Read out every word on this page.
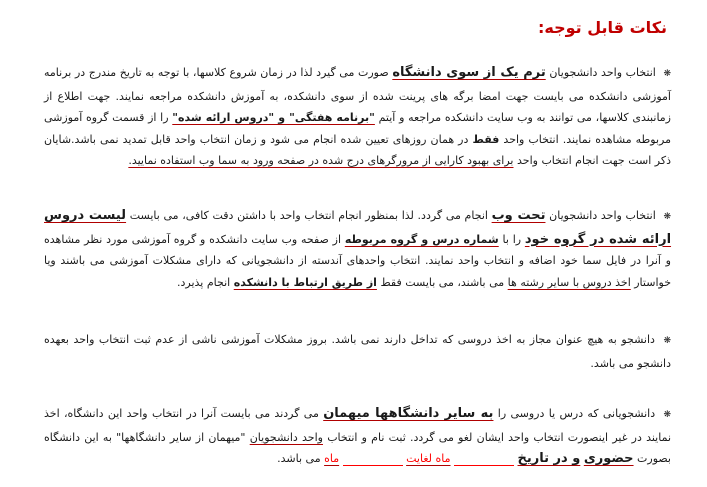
نکات قابل توجه:

❋ انتخاب واحد دانشجویان ترم یک از سوی دانشگاه صورت می گیرد لذا در زمان شروع کلاسها، با توجه به تاریخ مندرج در برنامه آموزشی دانشکده می بایست جهت امضا برگه های پرینت شده از سوی دانشکده، به آموزش دانشکده مراجعه نمایند. جهت اطلاع از زمانبندی کلاسها، می توانند به وب سایت دانشکده مراجعه و آیتم "برنامه هفتگی" و "دروس ارائه شده" را از قسمت گروه آموزشی مربوطه مشاهده نمایند. انتخاب واحد فقط در همان روزهای تعیین شده انجام می شود و زمان انتخاب واحد قابل تمدید نمی باشد.شایان ذکر است جهت انجام انتخاب واحد برای بهبود کارایی از مرورگرهای درج شده در صفحه ورود به سما وب استفاده نمایید.

❋ انتخاب واحد دانشجویان تحت وب انجام می گردد. لذا بمنظور انجام انتخاب واحد با داشتن دقت کافی، می بایست لیست دروس ارائه شده در گروه خود را با شماره درس و گروه مربوطه از صفحه وب سایت دانشکده و گروه آموزشی مورد نظر مشاهده و آنرا در فایل سما خود اضافه و انتخاب واحد نمایند. انتخاب واحدهای آندسته از دانشجویانی که دارای مشکلات آموزشی می باشند ویا خواستار اخذ دروس با سایر رشته ها می باشند، می بایست فقط از طریق ارتباط با دانشکده انجام پذیرد.

❋ دانشجو به هیچ عنوان مجاز به اخذ دروسی که تداخل دارند نمی باشد. بروز مشکلات آموزشی ناشی از عدم ثبت انتخاب واحد بعهده دانشجو می باشد.

❋ دانشجویانی که درس یا دروسی را به سایر دانشگاهها میهمان می گردند می بایست آنرا در انتخاب واحد این دانشگاه، اخذ نمایند در غیر اینصورت انتخاب واحد ایشان لغو می گردد. ثبت نام و انتخاب واحد دانشجویان "میهمان از سایر دانشگاهها" به این دانشگاه بصورت حضوری و در تاریخ  ماه لغایت  ماه می باشد.
